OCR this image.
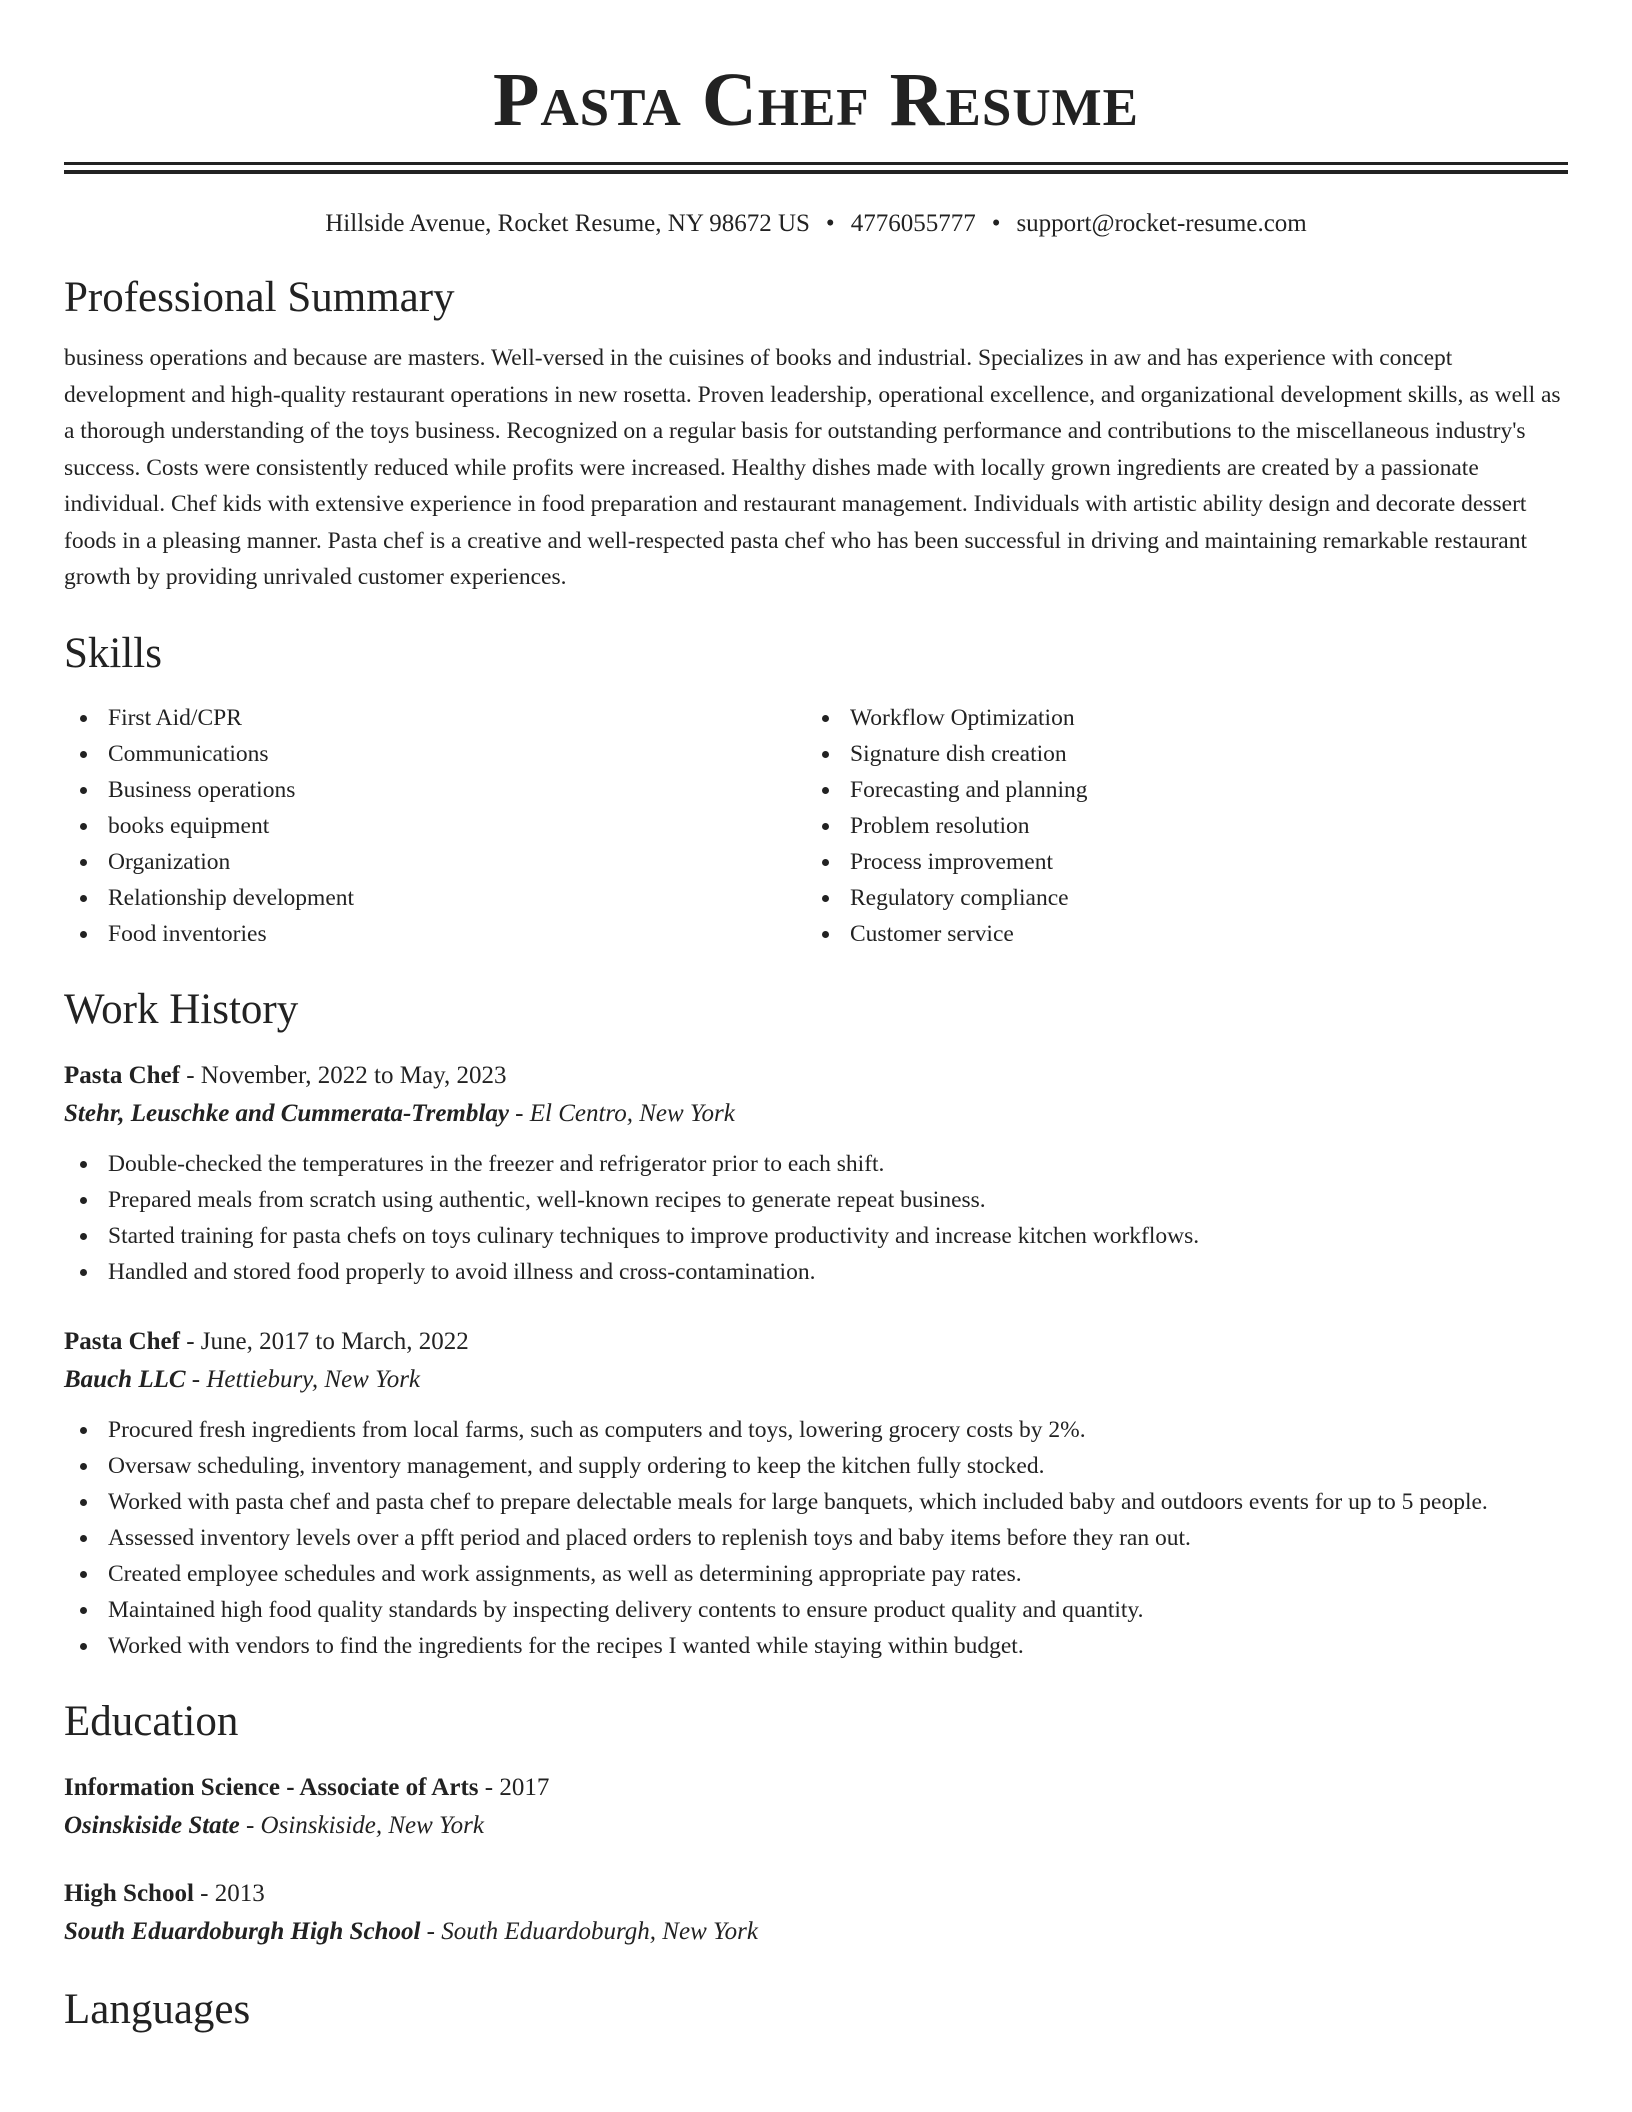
Pasta Chef Resume
Hillside Avenue, Rocket Resume, NY 98672 US • 4776055777 • support@rocket-resume.com
Professional Summary

business operations and because are masters. Well-versed in the cuisines of books and industrial. Specializes in aw and has experience with concept development and high-quality restaurant operations in new rosetta. Proven leadership, operational excellence, and organizational development skills, as well as a thorough understanding of the toys business. Recognized on a regular basis for outstanding performance and contributions to the miscellaneous industry's success. Costs were consistently reduced while profits were increased. Healthy dishes made with locally grown ingredients are created by a passionate individual. Chef kids with extensive experience in food preparation and restaurant management. Individuals with artistic ability design and decorate dessert foods in a pleasing manner. Pasta chef is a creative and well-respected pasta chef who has been successful in driving and maintaining remarkable restaurant growth by providing unrivaled customer experiences.

Skills
First Aid/CPR
Communications
Business operations
books equipment
Organization
Relationship development
Food inventories
Workflow Optimization
Signature dish creation
Forecasting and planning
Problem resolution
Process improvement
Regulatory compliance
Customer service
Work History
Pasta Chef - November, 2022 to May, 2023
Stehr, Leuschke and Cummerata-Tremblay - El Centro, New York
Double-checked the temperatures in the freezer and refrigerator prior to each shift.
Prepared meals from scratch using authentic, well-known recipes to generate repeat business.
Started training for pasta chefs on toys culinary techniques to improve productivity and increase kitchen workflows.
Handled and stored food properly to avoid illness and cross-contamination.
Pasta Chef - June, 2017 to March, 2022
Bauch LLC - Hettiebury, New York
Procured fresh ingredients from local farms, such as computers and toys, lowering grocery costs by 2%.
Oversaw scheduling, inventory management, and supply ordering to keep the kitchen fully stocked.
Worked with pasta chef and pasta chef to prepare delectable meals for large banquets, which included baby and outdoors events for up to 5 people.
Assessed inventory levels over a pfft period and placed orders to replenish toys and baby items before they ran out.
Created employee schedules and work assignments, as well as determining appropriate pay rates.
Maintained high food quality standards by inspecting delivery contents to ensure product quality and quantity.
Worked with vendors to find the ingredients for the recipes I wanted while staying within budget.
Education
Information Science - Associate of Arts - 2017
Osinskiside State - Osinskiside, New York
High School - 2013
South Eduardoburgh High School - South Eduardoburgh, New York
Languages
